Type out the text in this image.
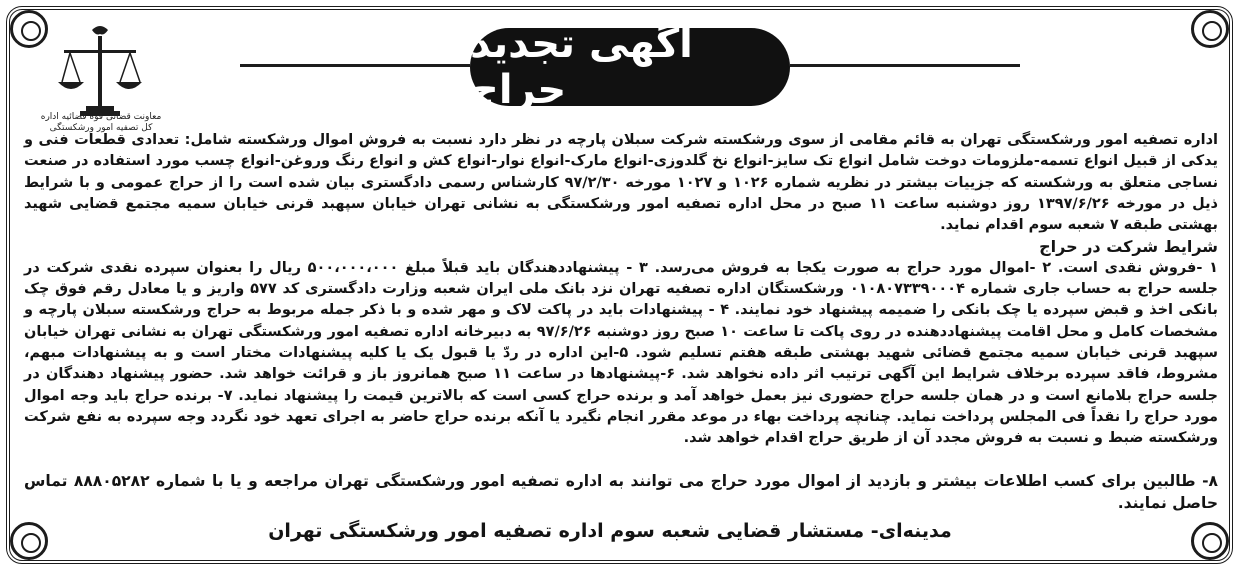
معاونت قضائی قوه قضائیه اداره کل تصفیه امور ورشکستگی
آگهی تجدید حراج

اداره تصفیه امور ورشکستگی تهران به قائم مقامی از سوی ورشکسته شرکت سبلان پارچه در نظر دارد نسبت به فروش اموال ورشکسته شامل: تعدادی قطعات فنی و یدکی از قبیل انواع تسمه-ملزومات دوخت شامل انواع تک سایز-انواع نخ گلدوزی-انواع مارک-انواع نوار-انواع کش و انواع رنگ وروغن-انواع چسب مورد استفاده در صنعت نساجی متعلق به ورشکسته که جزییات بیشتر در نظریه شماره ۱۰۲۶ و ۱۰۲۷ مورخه ۹۷/۲/۳۰ کارشناس رسمی دادگستری بیان شده است را از حراج عمومی و با شرایط ذیل در مورخه ۱۳۹۷/۶/۲۶ روز دوشنبه ساعت ۱۱ صبح در محل اداره تصفیه امور ورشکستگی به نشانی تهران خیابان سپهبد قرنی خیابان سمیه مجتمع قضایی شهید بهشتی طبقه ۷ شعبه سوم اقدام نماید.

شرایط شرکت در حراج

۱ -فروش نقدی است. ۲ -اموال مورد حراج به صورت یکجا به فروش می‌رسد. ۳ - پیشنهاددهندگان باید قبلاً مبلغ ۵۰۰،۰۰۰،۰۰۰ ریال را بعنوان سپرده نقدی شرکت در جلسه حراج به حساب جاری شماره ۰۱۰۸۰۷۳۳۹۰۰۰۴ ورشکستگان اداره تصفیه تهران نزد بانک ملی ایران شعبه وزارت دادگستری کد ۵۷۷ واریز و یا معادل رقم فوق چک بانکی اخذ و قبض سپرده یا چک بانکی را ضمیمه پیشنهاد خود نمایند. ۴ - پیشنهادات باید در پاکت لاک و مهر شده و با ذکر جمله مربوط به حراج ورشکسته سبلان پارچه و مشخصات کامل و محل اقامت پیشنهاددهنده در روی پاکت تا ساعت ۱۰ صبح روز دوشنبه ۹۷/۶/۲۶ به دبیرخانه اداره تصفیه امور ورشکستگی تهران به نشانی تهران خیابان سپهبد قرنی خیابان سمیه مجتمع قضائی شهید بهشتی طبقه هفتم تسلیم شود. ۵-این اداره در ردّ یا قبول یک یا کلیه پیشنهادات مختار است و به پیشنهادات مبهم، مشروط، فاقد سپرده برخلاف شرایط این آگهی ترتیب اثر داده نخواهد شد. ۶-پیشنهادها در ساعت ۱۱ صبح همانروز باز و قرائت خواهد شد. حضور پیشنهاد دهندگان در جلسه حراج بلامانع است و در همان جلسه حراج حضوری نیز بعمل خواهد آمد و برنده حراج کسی است که بالاترین قیمت را پیشنهاد نماید. ۷- برنده حراج باید وجه اموال مورد حراج را نقداً فی المجلس پرداخت نماید. چنانچه پرداخت بهاء در موعد مقرر انجام نگیرد یا آنکه برنده حراج حاضر به اجرای تعهد خود نگردد وجه سپرده به نفع شرکت ورشکسته ضبط و نسبت به فروش مجدد آن از طریق حراج اقدام خواهد شد.

۸- طالبین برای کسب اطلاعات بیشتر و بازدید از اموال مورد حراج می توانند به اداره تصفیه امور ورشکستگی تهران مراجعه و یا با شماره ۸۸۸۰۵۲۸۲ تماس حاصل نمایند.
مدینه‌ای- مستشار قضایی شعبه سوم اداره تصفیه امور ورشکستگی تهران
